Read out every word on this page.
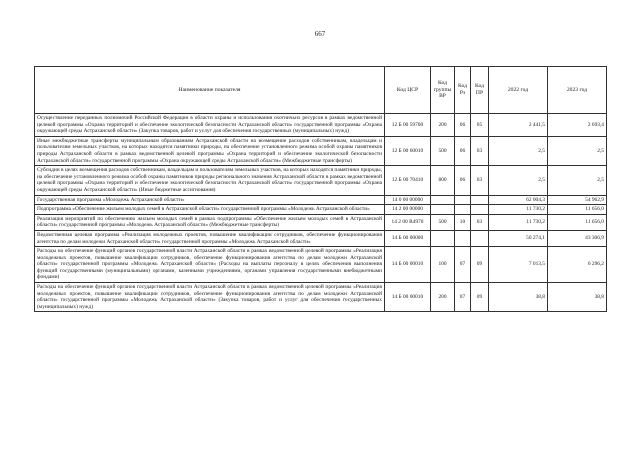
667
Наименование показателя	Код ЦСР	Код группы ВР	Код Рз	Код ПР	2022 год	2023 год
Осуществление переданных полномочий Российской Федерации в области охраны и использования охотничьих ресурсов в рамках ведомственной целевой программы «Охрана территорий и обеспечение экологической безопасности Астраханской области» государственной программы «Охрана окружающей среды Астраханской области» (Закупка товаров, работ и услуг для обеспечения государственных (муниципальных) нужд)	12 Б 00 59700	200	06	05	2 441,5	2 693,4
Иные межбюджетные трансферты муниципальным образованиям Астраханской области на возмещение расходов собственникам, владельцам и пользователям земельных участков, на которых находятся памятники природы, на обеспечение установленного режима особой охраны памятников природы Астраханской области в рамках ведомственной целевой программы «Охрана территорий и обеспечение экологической безопасности Астраханской области» государственной программы «Охрана окружающей среды Астраханской области» (Межбюджетные трансферты)	12 Б 00 60010	500	06	03	2,5	2,5
Субсидии в целях возмещения расходов собственникам, владельцам и пользователям земельных участков, на которых находятся памятники природы, на обеспечение установленного режима особой охраны памятников природы регионального значения Астраханской области в рамках ведомственной целевой программы «Охрана территорий и обеспечение экологической безопасности Астраханской области» государственной программы «Охрана окружающей среды Астраханской области» (Иные бюджетные ассигнования)	12 Б 00 70410	800	06	03	2,5	2,5
Государственная программа «Молодежь Астраханской области»	14 0 00 00000				62 004,3	54 962,9
Подпрограмма «Обеспечение жильем молодых семей в Астраханской области» государственной программы «Молодежь Астраханской области»	14 2 00 00000				11 730,2	11 656,0
Реализация мероприятий по обеспечению жильем молодых семей в рамках подпрограммы «Обеспечение жильем молодых семей в Астраханской области» государственной программы «Молодежь Астраханской области» (Межбюджетные трансферты)	14 2 00 R4970	500	10	03	11 730,2	11 656,0
Ведомственная целевая программа «Реализация молодежных проектов, повышение квалификации сотрудников, обеспечение функционирования агентства по делам молодежи Астраханской области» государственной программы «Молодежь Астраханской области»	14 Б 00 00000				50 274,1	43 306,9
Расходы на обеспечение функций органов государственной власти Астраханской области в рамках ведомственной целевой программы «Реализация молодежных проектов, повышение квалификации сотрудников, обеспечение функционирования агентства по делам молодежи Астраханской области» государственной программы «Молодежь Астраханской области» (Расходы на выплаты персоналу в целях обеспечения выполнения функций государственными (муниципальными) органами, казенными учреждениями, органами управления государственными внебюджетными фондами)	14 Б 00 00010	100	07	09	7 013,5	6 296,2
Расходы на обеспечение функций органов государственной власти Астраханской области в рамках ведомственной целевой программы «Реализация молодежных проектов, повышение квалификации сотрудников, обеспечение функционирования агентства по делам молодежи Астраханской области» государственной программы «Молодежь Астраханской области» (Закупка товаров, работ и услуг для обеспечения государственных (муниципальных) нужд)	14 Б 00 00010	200	07	09	38,8	38,8
